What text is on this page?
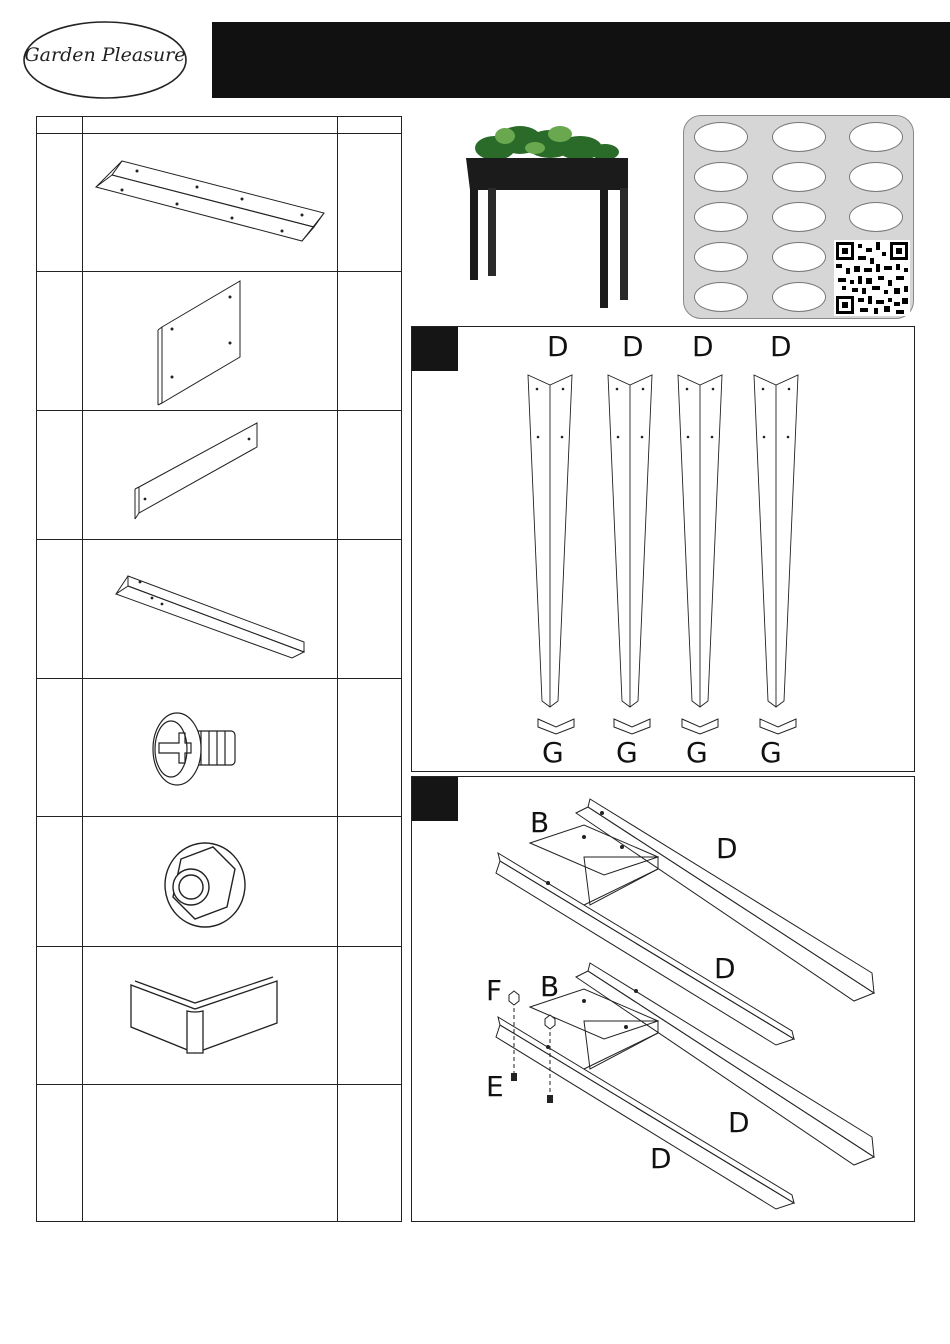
Garden Pleasure
D D D D
G G G G
B
D
D
F B
E
D
D
